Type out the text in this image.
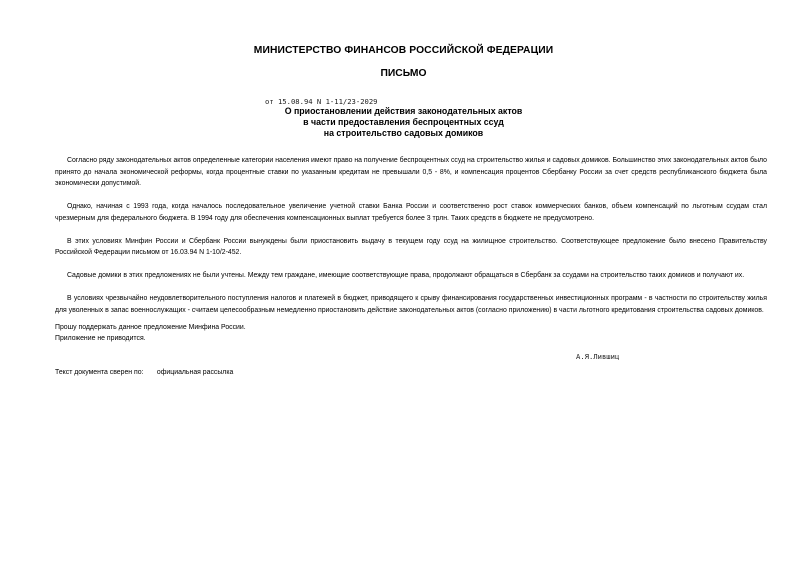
МИНИСТЕРСТВО ФИНАНСОВ РОССИЙСКОЙ ФЕДЕРАЦИИ
ПИСЬМО
от 15.08.94 N 1-11/23-2029
О приостановлении действия законодательных актов
в части предоставления беспроцентных ссуд
на строительство садовых домиков

Согласно ряду законодательных актов определенные категории населения имеют право на получение беспроцентных ссуд на строительство жилья и садовых домиков. Большинство этих законодательных актов было принято до начала экономической реформы, когда процентные ставки по указанным кредитам не превышали 0,5 - 8%, и компенсация процентов Сбербанку России за счет средств республиканского бюджета была экономически допустимой.

Однако, начиная с 1993 года, когда началось последовательное увеличение учетной ставки Банка России и соответственно рост ставок коммерческих банков, объем компенсаций по льготным ссудам стал чрезмерным для федерального бюджета. В 1994 году для обеспечения компенсационных выплат требуется более 3 трлн. Таких средств в бюджете не предусмотрено.

В этих условиях Минфин России и Сбербанк России вынуждены были приостановить выдачу в текущем году ссуд на жилищное строительство. Соответствующее предложение было внесено Правительству Российской Федерации письмом от 16.03.94 N 1-10/2-452.

Садовые домики в этих предложениях не были учтены. Между тем граждане, имеющие соответствующие права, продолжают обращаться в Сбербанк за ссудами на строительство таких домиков и получают их.

В условиях чрезвычайно неудовлетворительного поступления налогов и платежей в бюджет, приводящего к срыву финансирования государственных инвестиционных программ - в частности по строительству жилья для уволенных в запас военнослужащих - считаем целесообразным немедленно приостановить действие законодательных актов (согласно приложению) в части льготного кредитования строительства садовых домиков.

Прошу поддержать данное предложение Минфина России.
Приложение не приводится.
А.Я.Лившиц
Текст документа сверен по: официальная рассылка
